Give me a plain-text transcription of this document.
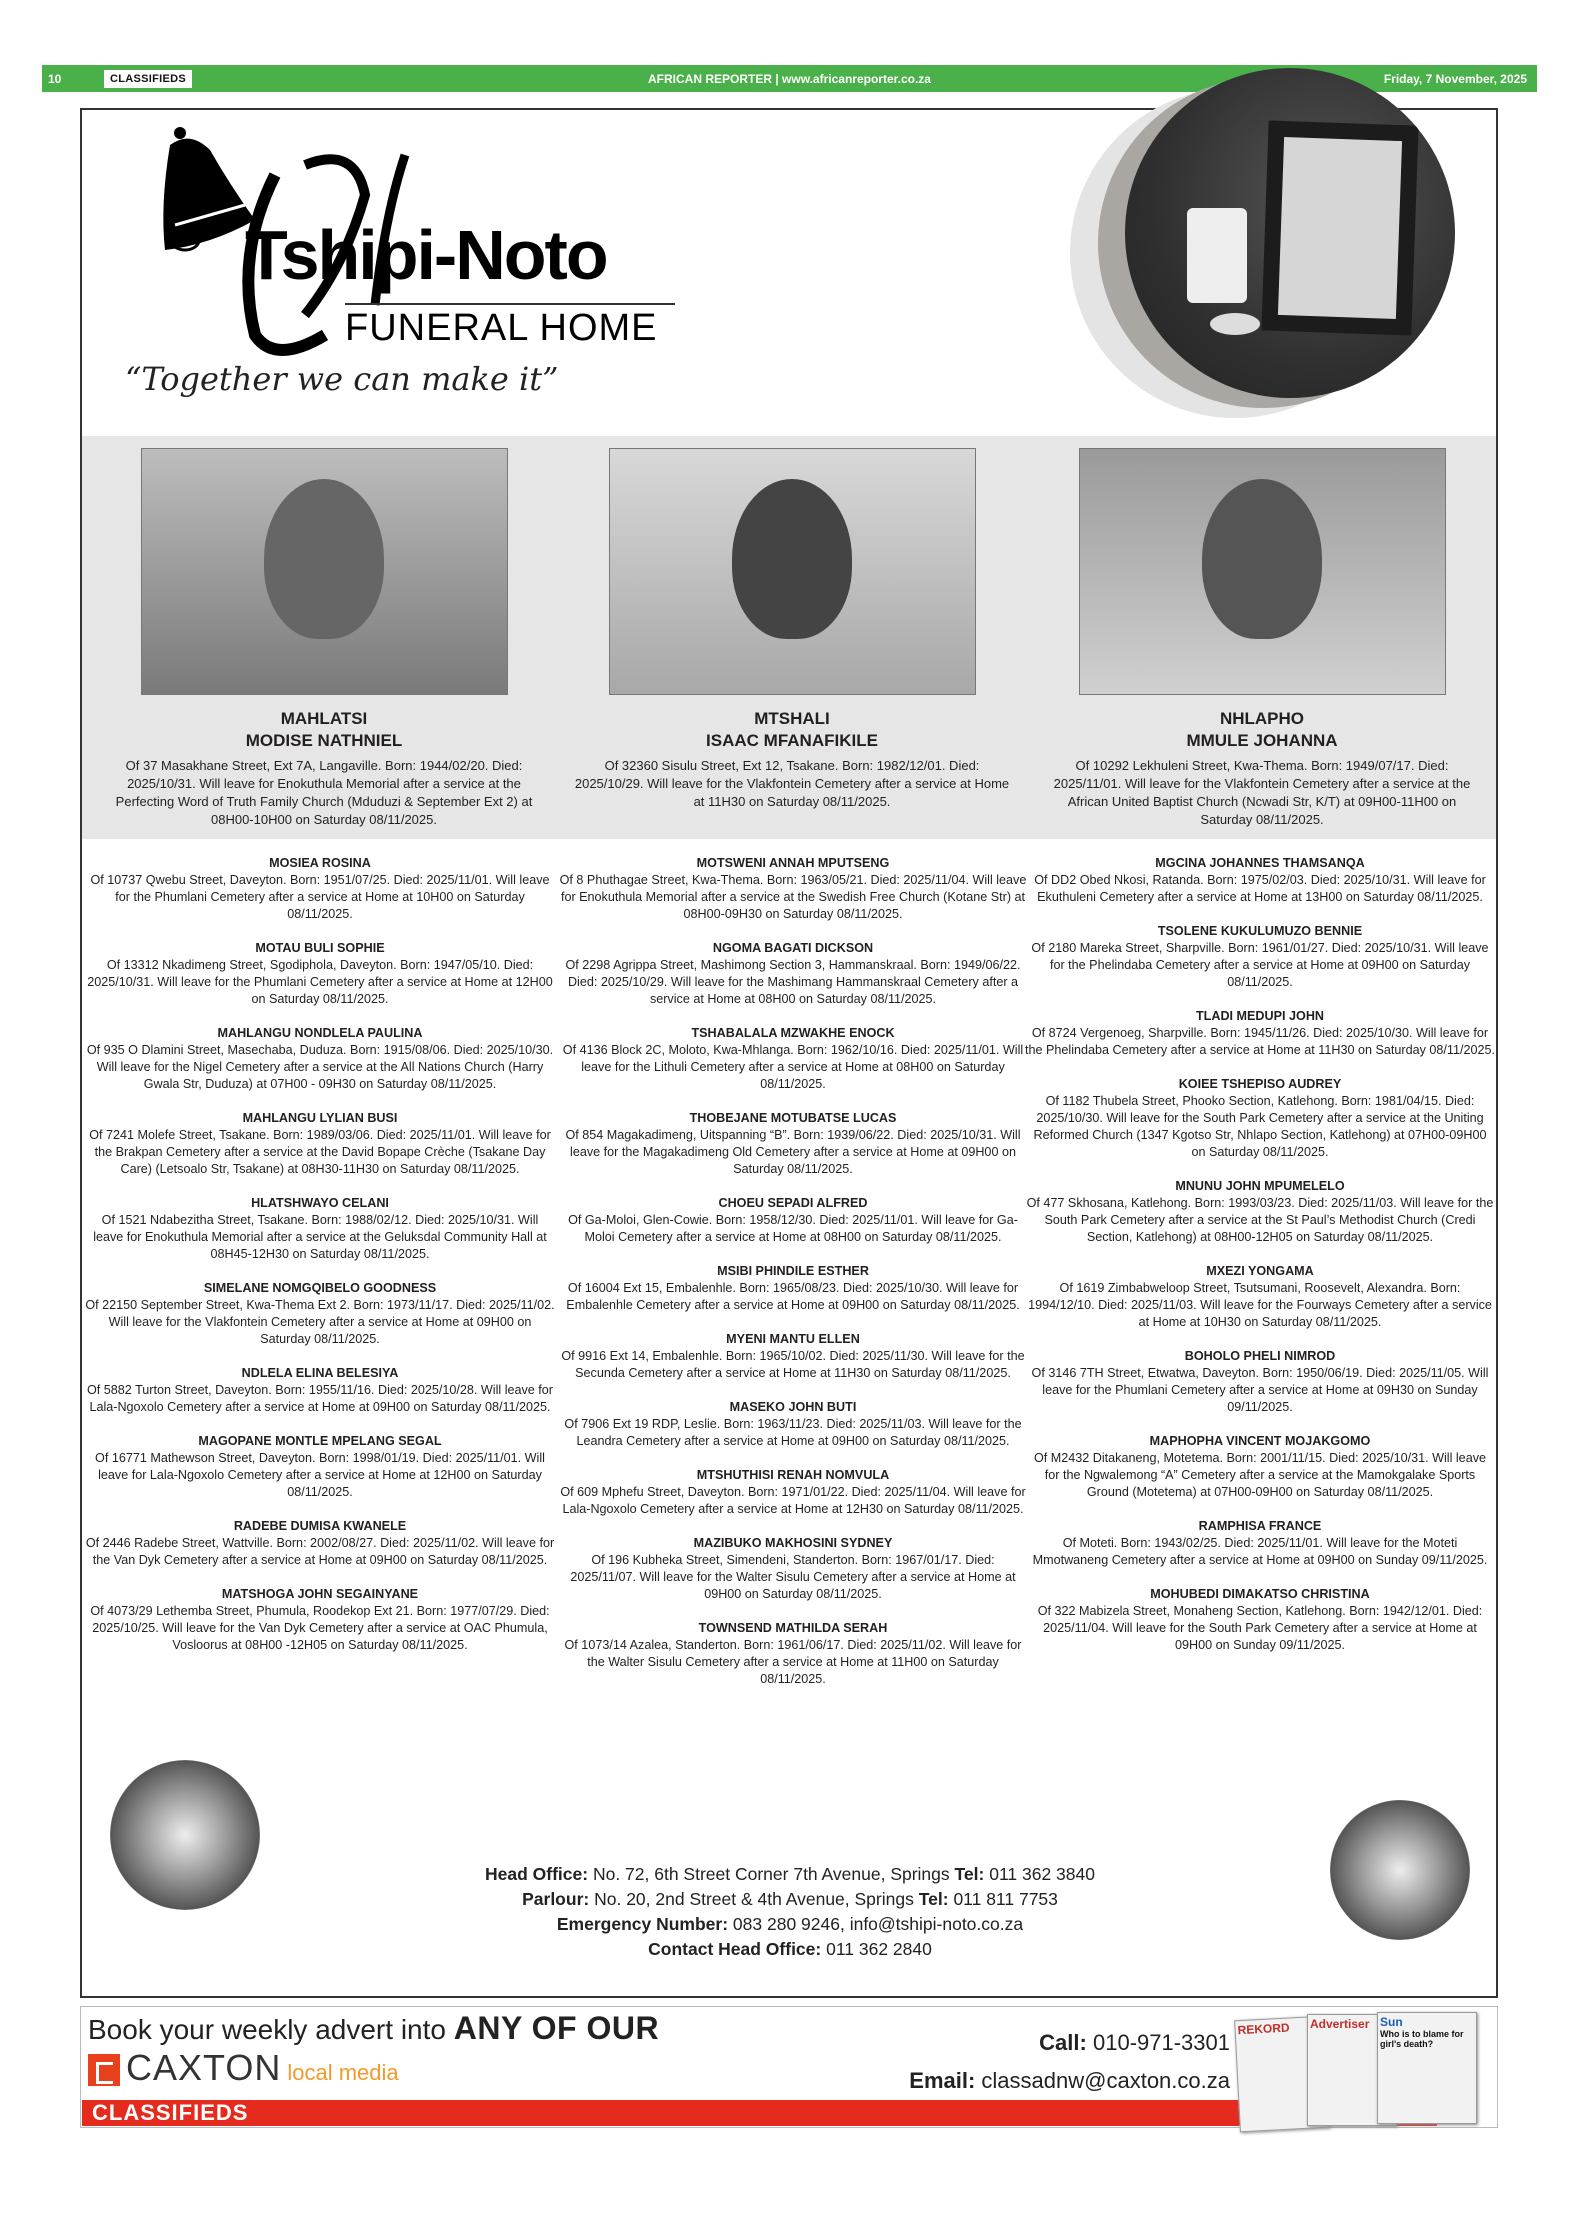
10	CLASSIFIEDS	AFRICAN REPORTER | www.africanreporter.co.za	Friday, 7 November, 2025
Tshipi-Noto
FUNERAL HOME
“Together we can make it”
MAHLATSI
MODISE NATHNIEL
Of 37 Masakhane Street, Ext 7A, Langaville. Born: 1944/02/20. Died: 2025/10/31. Will leave for Enokuthula Memorial after a service at the Perfecting Word of Truth Family Church (Mduduzi & September Ext 2) at 08H00-10H00 on Saturday 08/11/2025.
MTSHALI
ISAAC MFANAFIKILE
Of 32360 Sisulu Street, Ext 12, Tsakane. Born: 1982/12/01. Died: 2025/10/29. Will leave for the Vlakfontein Cemetery after a service at Home at 11H30 on Saturday 08/11/2025.
NHLAPHO
MMULE JOHANNA
Of 10292 Lekhuleni Street, Kwa-Thema. Born: 1949/07/17. Died: 2025/11/01. Will leave for the Vlakfontein Cemetery after a service at the African United Baptist Church (Ncwadi Str, K/T) at 09H00-11H00 on Saturday 08/11/2025.
MOSIEA ROSINA
Of 10737 Qwebu Street, Daveyton. Born: 1951/07/25. Died: 2025/11/01. Will leave for the Phumlani Cemetery after a service at Home at 10H00 on Saturday 08/11/2025.
MOTAU BULI SOPHIE
Of 13312 Nkadimeng Street, Sgodiphola, Daveyton. Born: 1947/05/10. Died: 2025/10/31. Will leave for the Phumlani Cemetery after a service at Home at 12H00 on Saturday 08/11/2025.
MAHLANGU NONDLELA PAULINA
Of 935 O Dlamini Street, Masechaba, Duduza. Born: 1915/08/06. Died: 2025/10/30. Will leave for the Nigel Cemetery after a service at the All Nations Church (Harry Gwala Str, Duduza) at 07H00 - 09H30 on Saturday 08/11/2025.
MAHLANGU LYLIAN BUSI
Of 7241 Molefe Street, Tsakane. Born: 1989/03/06. Died: 2025/11/01. Will leave for the Brakpan Cemetery after a service at the David Bopape Crèche (Tsakane Day Care) (Letsoalo Str, Tsakane) at 08H30-11H30 on Saturday 08/11/2025.
HLATSHWAYO CELANI
Of 1521 Ndabezitha Street, Tsakane. Born: 1988/02/12. Died: 2025/10/31. Will leave for Enokuthula Memorial after a service at the Geluksdal Community Hall at 08H45-12H30 on Saturday 08/11/2025.
SIMELANE NOMGQIBELO GOODNESS
Of 22150 September Street, Kwa-Thema Ext 2. Born: 1973/11/17. Died: 2025/11/02. Will leave for the Vlakfontein Cemetery after a service at Home at 09H00 on Saturday 08/11/2025.
NDLELA ELINA BELESIYA
Of 5882 Turton Street, Daveyton. Born: 1955/11/16. Died: 2025/10/28. Will leave for Lala-Ngoxolo Cemetery after a service at Home at 09H00 on Saturday 08/11/2025.
MAGOPANE MONTLE MPELANG SEGAL
Of 16771 Mathewson Street, Daveyton. Born: 1998/01/19. Died: 2025/11/01. Will leave for Lala-Ngoxolo Cemetery after a service at Home at 12H00 on Saturday 08/11/2025.
RADEBE DUMISA KWANELE
Of 2446 Radebe Street, Wattville. Born: 2002/08/27. Died: 2025/11/02. Will leave for the Van Dyk Cemetery after a service at Home at 09H00 on Saturday 08/11/2025.
MATSHOGA JOHN SEGAINYANE
Of 4073/29 Lethemba Street, Phumula, Roodekop Ext 21. Born: 1977/07/29. Died: 2025/10/25. Will leave for the Van Dyk Cemetery after a service at OAC Phumula, Vosloorus at 08H00 -12H05 on Saturday 08/11/2025.
MOTSWENI ANNAH MPUTSENG
Of 8 Phuthagae Street, Kwa-Thema. Born: 1963/05/21. Died: 2025/11/04. Will leave for Enokuthula Memorial after a service at the Swedish Free Church (Kotane Str) at 08H00-09H30 on Saturday 08/11/2025.
NGOMA BAGATI DICKSON
Of 2298 Agrippa Street, Mashimong Section 3, Hammanskraal. Born: 1949/06/22. Died: 2025/10/29. Will leave for the Mashimang Hammanskraal Cemetery after a service at Home at 08H00 on Saturday 08/11/2025.
TSHABALALA MZWAKHE ENOCK
Of 4136 Block 2C, Moloto, Kwa-Mhlanga. Born: 1962/10/16. Died: 2025/11/01. Will leave for the Lithuli Cemetery after a service at Home at 08H00 on Saturday 08/11/2025.
THOBEJANE MOTUBATSE LUCAS
Of 854 Magakadimeng, Uitspanning “B”. Born: 1939/06/22. Died: 2025/10/31. Will leave for the Magakadimeng Old Cemetery after a service at Home at 09H00 on Saturday 08/11/2025.
CHOEU SEPADI ALFRED
Of Ga-Moloi, Glen-Cowie. Born: 1958/12/30. Died: 2025/11/01. Will leave for Ga-Moloi Cemetery after a service at Home at 08H00 on Saturday 08/11/2025.
MSIBI PHINDILE ESTHER
Of 16004 Ext 15, Embalenhle. Born: 1965/08/23. Died: 2025/10/30. Will leave for Embalenhle Cemetery after a service at Home at 09H00 on Saturday 08/11/2025.
MYENI MANTU ELLEN
Of 9916 Ext 14, Embalenhle. Born: 1965/10/02. Died: 2025/11/30. Will leave for the Secunda Cemetery after a service at Home at 11H30 on Saturday 08/11/2025.
MASEKO JOHN BUTI
Of 7906 Ext 19 RDP, Leslie. Born: 1963/11/23. Died: 2025/11/03. Will leave for the Leandra Cemetery after a service at Home at 09H00 on Saturday 08/11/2025.
MTSHUTHISI RENAH NOMVULA
Of 609 Mphefu Street, Daveyton. Born: 1971/01/22. Died: 2025/11/04. Will leave for Lala-Ngoxolo Cemetery after a service at Home at 12H30 on Saturday 08/11/2025.
MAZIBUKO MAKHOSINI SYDNEY
Of 196 Kubheka Street, Simendeni, Standerton. Born: 1967/01/17. Died: 2025/11/07. Will leave for the Walter Sisulu Cemetery after a service at Home at 09H00 on Saturday 08/11/2025.
TOWNSEND MATHILDA SERAH
Of 1073/14 Azalea, Standerton. Born: 1961/06/17. Died: 2025/11/02. Will leave for the Walter Sisulu Cemetery after a service at Home at 11H00 on Saturday 08/11/2025.
MGCINA JOHANNES THAMSANQA
Of DD2 Obed Nkosi, Ratanda. Born: 1975/02/03. Died: 2025/10/31. Will leave for Ekuthuleni Cemetery after a service at Home at 13H00 on Saturday 08/11/2025.
TSOLENE KUKULUMUZO BENNIE
Of 2180 Mareka Street, Sharpville. Born: 1961/01/27. Died: 2025/10/31. Will leave for the Phelindaba Cemetery after a service at Home at 09H00 on Saturday 08/11/2025.
TLADI MEDUPI JOHN
Of 8724 Vergenoeg, Sharpville. Born: 1945/11/26. Died: 2025/10/30. Will leave for the Phelindaba Cemetery after a service at Home at 11H30 on Saturday 08/11/2025.
KOIEE TSHEPISO AUDREY
Of 1182 Thubela Street, Phooko Section, Katlehong. Born: 1981/04/15. Died: 2025/10/30. Will leave for the South Park Cemetery after a service at the Uniting Reformed Church (1347 Kgotso Str, Nhlapo Section, Katlehong) at 07H00-09H00 on Saturday 08/11/2025.
MNUNU JOHN MPUMELELO
Of 477 Skhosana, Katlehong. Born: 1993/03/23. Died: 2025/11/03. Will leave for the South Park Cemetery after a service at the St Paul’s Methodist Church (Credi Section, Katlehong) at 08H00-12H05 on Saturday 08/11/2025.
MXEZI YONGAMA
Of 1619 Zimbabweloop Street, Tsutsumani, Roosevelt, Alexandra. Born: 1994/12/10. Died: 2025/11/03. Will leave for the Fourways Cemetery after a service at Home at 10H30 on Saturday 08/11/2025.
BOHOLO PHELI NIMROD
Of 3146 7TH Street, Etwatwa, Daveyton. Born: 1950/06/19. Died: 2025/11/05. Will leave for the Phumlani Cemetery after a service at Home at 09H30 on Sunday 09/11/2025.
MAPHOPHA VINCENT MOJAKGOMO
Of M2432 Ditakaneng, Motetema. Born: 2001/11/15. Died: 2025/10/31. Will leave for the Ngwalemong “A” Cemetery after a service at the Mamokgalake Sports Ground (Motetema) at 07H00-09H00 on Saturday 08/11/2025.
RAMPHISA FRANCE
Of Moteti. Born: 1943/02/25. Died: 2025/11/01. Will leave for the Moteti Mmotwaneng Cemetery after a service at Home at 09H00 on Sunday 09/11/2025.
MOHUBEDI DIMAKATSO CHRISTINA
Of 322 Mabizela Street, Monaheng Section, Katlehong. Born: 1942/12/01. Died: 2025/11/04. Will leave for the South Park Cemetery after a service at Home at 09H00 on Sunday 09/11/2025.
Head Office: No. 72, 6th Street Corner 7th Avenue, Springs Tel: 011 362 3840
Parlour: No. 20, 2nd Street & 4th Avenue, Springs Tel: 011 811 7753
Emergency Number: 083 280 9246, info@tshipi-noto.co.za
Contact Head Office: 011 362 2840
Book your weekly advert into ANY OF OUR
CAXTON local media
CLASSIFIEDS
Call: 010-971-3301
Email: classadnw@caxton.co.za
REKORD	Advertiser Sun
Who is to blame for girl's death?
